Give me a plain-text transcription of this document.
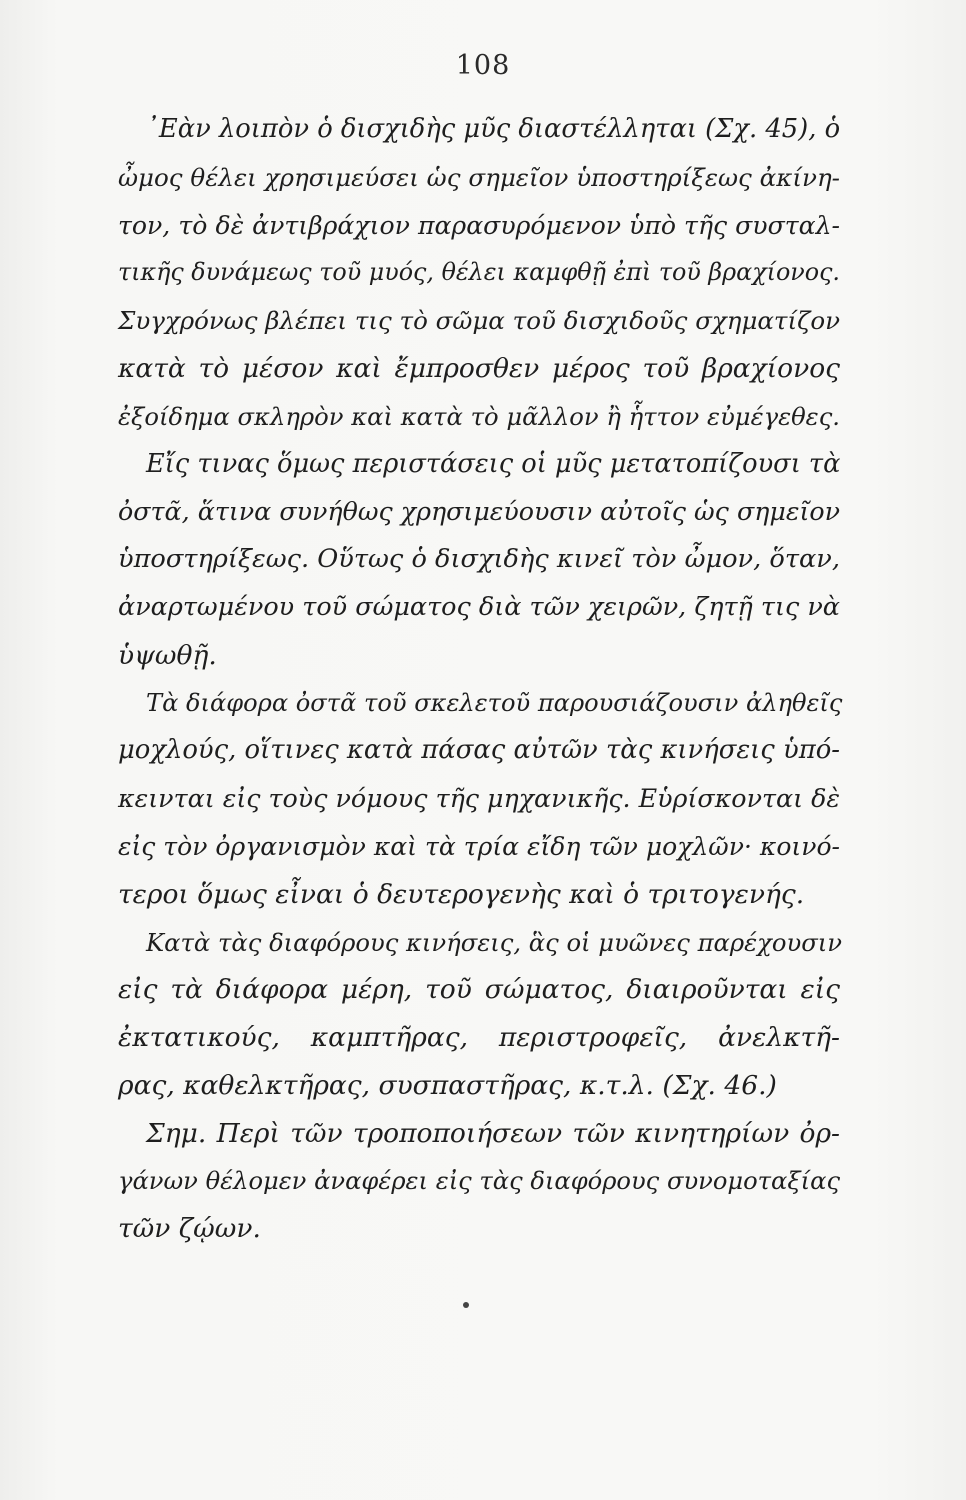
108
᾿Εὰν λοιπὸν ὁ δισχιδὴς μῦς διαστέλληται (Σχ. 45), ὁ
ὦμος θέλει χρησιμεύσει ὡς σημεῖον ὑποστηρίξεως ἀκίνη-
τον, τὸ δὲ ἀντιβράχιον παρασυρόμενον ὑπὸ τῆς συσταλ-
τικῆς δυνάμεως τοῦ μυός, θέλει καμφθῇ ἐπὶ τοῦ βραχίονος.
Συγχρόνως βλέπει τις τὸ σῶμα τοῦ δισχιδοῦς σχηματίζον
κατὰ τὸ μέσον καὶ ἔμπροσθεν μέρος τοῦ βραχίονος
ἐξοίδημα σκληρὸν καὶ κατὰ τὸ μᾶλλον ἢ ἧττον εὐμέγεθες.
Εἴς τινας ὅμως περιστάσεις οἱ μῦς μετατοπίζουσι τὰ
ὀστᾶ, ἅτινα συνήθως χρησιμεύουσιν αὐτοῖς ὡς σημεῖον
ὑποστηρίξεως. Οὕτως ὁ δισχιδὴς κινεῖ τὸν ὦμον, ὅταν,
ἀναρτωμένου τοῦ σώματος διὰ τῶν χειρῶν, ζητῇ τις νὰ
ὑψωθῇ.
Τὰ διάφορα ὀστᾶ τοῦ σκελετοῦ παρουσιάζουσιν ἀληθεῖς
μοχλούς, οἵτινες κατὰ πάσας αὐτῶν τὰς κινήσεις ὑπό-
κεινται εἰς τοὺς νόμους τῆς μηχανικῆς. Εὑρίσκονται δὲ
εἰς τὸν ὀργανισμὸν καὶ τὰ τρία εἴδη τῶν μοχλῶν· κοινό-
τεροι ὅμως εἶναι ὁ δευτερογενὴς καὶ ὁ τριτογενής.
Κατὰ τὰς διαφόρους κινήσεις, ἃς οἱ μυῶνες παρέχουσιν
εἰς τὰ διάφορα μέρη, τοῦ σώματος, διαιροῦνται εἰς
ἐκτατικούς, καμπτῆρας, περιστροφεῖς, ἀνελκτῆ-
ρας, καθελκτῆρας, συσπαστῆρας, κ.τ.λ. (Σχ. 46.)
Σημ. Περὶ τῶν τροποποιήσεων τῶν κινητηρίων ὀρ-
γάνων θέλομεν ἀναφέρει εἰς τὰς διαφόρους συνομοταξίας
τῶν ζῴων.
